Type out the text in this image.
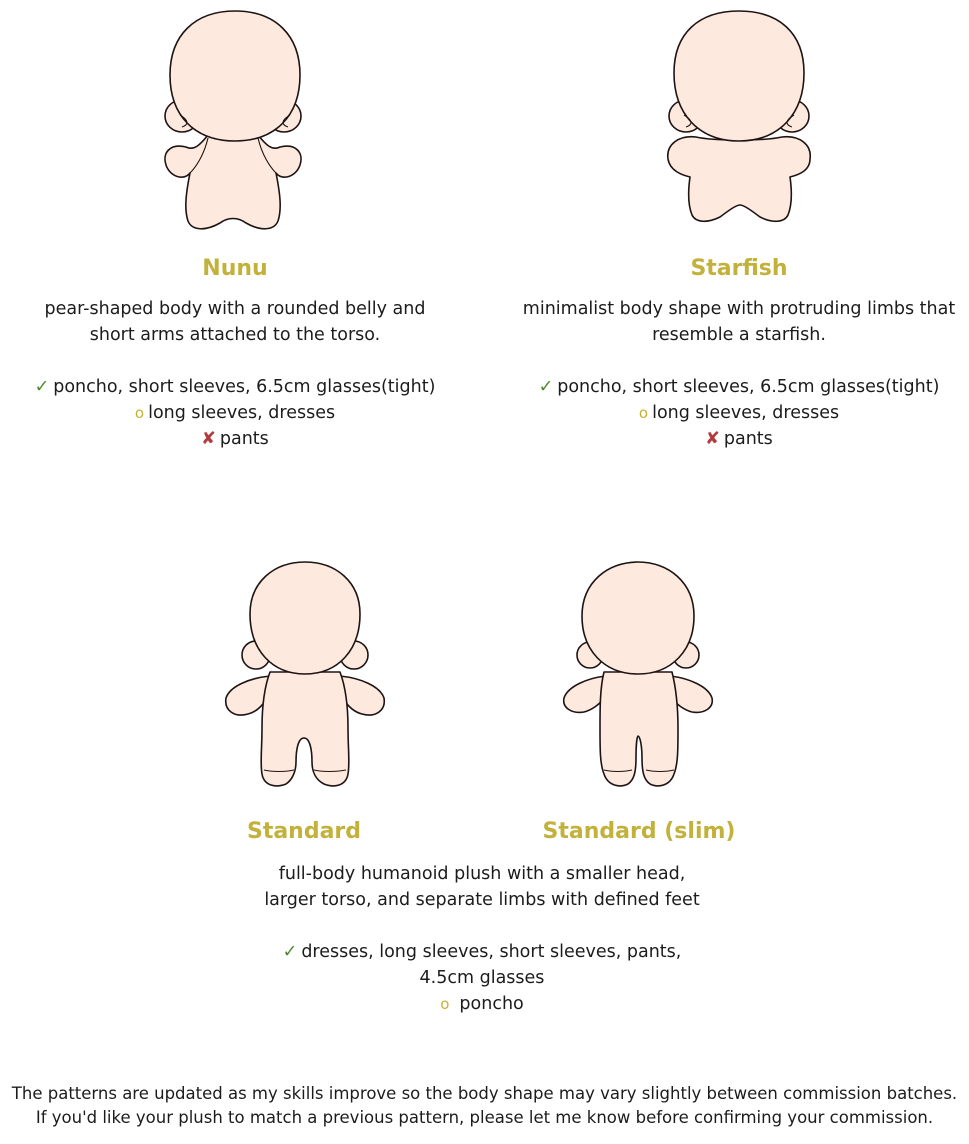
Nunu
pear-shaped body with a rounded belly and
short arms attached to the torso.
✓ poncho, short sleeves, 6.5cm glasses(tight)
o long sleeves, dresses
✘ pants
Starfish
minimalist body shape with protruding limbs that
resemble a starfish.
✓ poncho, short sleeves, 6.5cm glasses(tight)
o long sleeves, dresses
✘ pants
Standard	Standard (slim)
full-body humanoid plush with a smaller head,
larger torso, and separate limbs with defined feet
✓ dresses, long sleeves, short sleeves, pants,
4.5cm glasses
o poncho
The patterns are updated as my skills improve so the body shape may vary slightly between commission batches.
If you'd like your plush to match a previous pattern, please let me know before confirming your commission.
